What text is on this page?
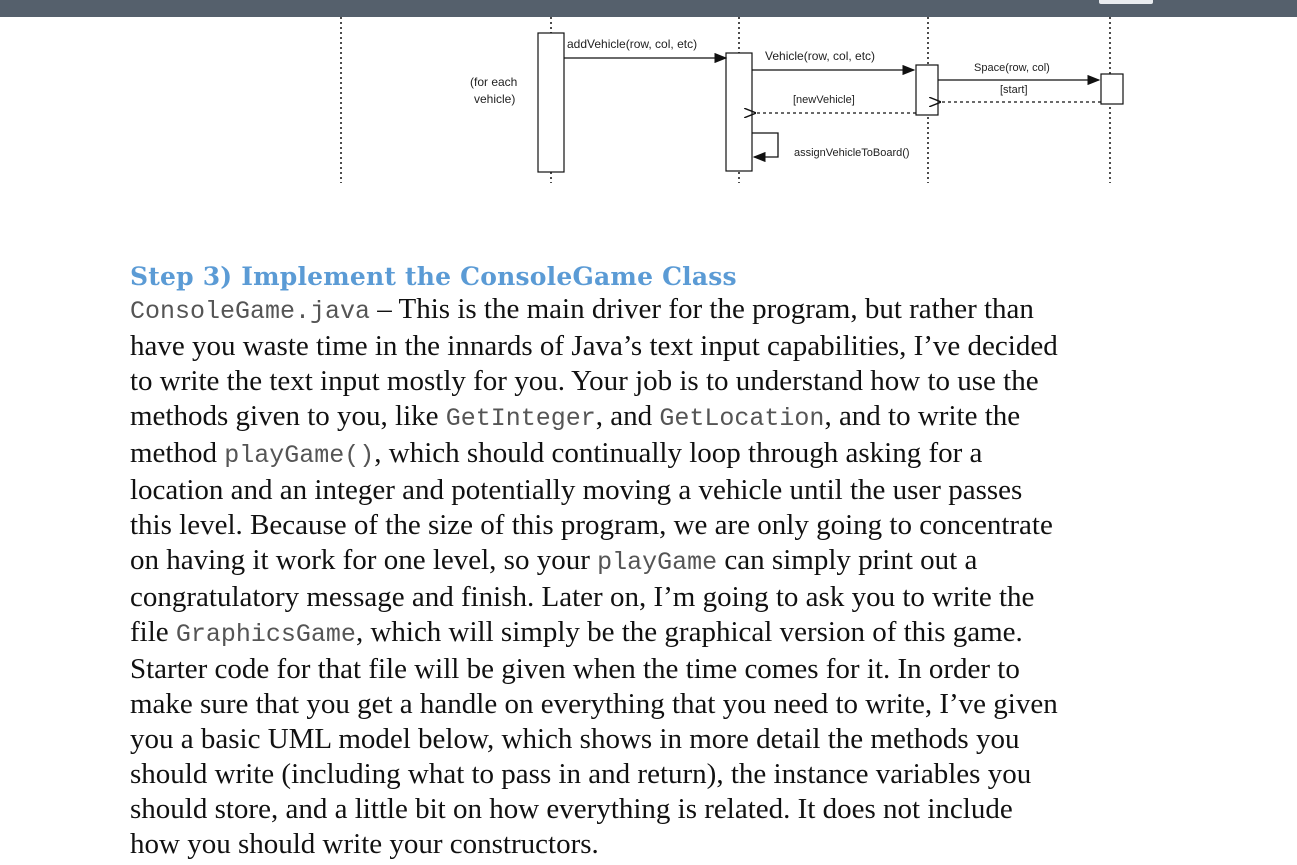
(for each
vehicle)
addVehicle(row, col, etc)
Vehicle(row, col, etc)
Space(row, col)
[start]
[newVehicle]
assignVehicleToBoard()
Step 3) Implement the ConsoleGame Class
ConsoleGame.java – This is the main driver for the program, but rather than
have you waste time in the innards of Java’s text input capabilities, I’ve decided
to write the text input mostly for you. Your job is to understand how to use the
methods given to you, like GetInteger, and GetLocation, and to write the
method playGame(), which should continually loop through asking for a
location and an integer and potentially moving a vehicle until the user passes
this level. Because of the size of this program, we are only going to concentrate
on having it work for one level, so your playGame can simply print out a
congratulatory message and finish. Later on, I’m going to ask you to write the
file GraphicsGame, which will simply be the graphical version of this game.
Starter code for that file will be given when the time comes for it. In order to
make sure that you get a handle on everything that you need to write, I’ve given
you a basic UML model below, which shows in more detail the methods you
should write (including what to pass in and return), the instance variables you
should store, and a little bit on how everything is related. It does not include
how you should write your constructors.
